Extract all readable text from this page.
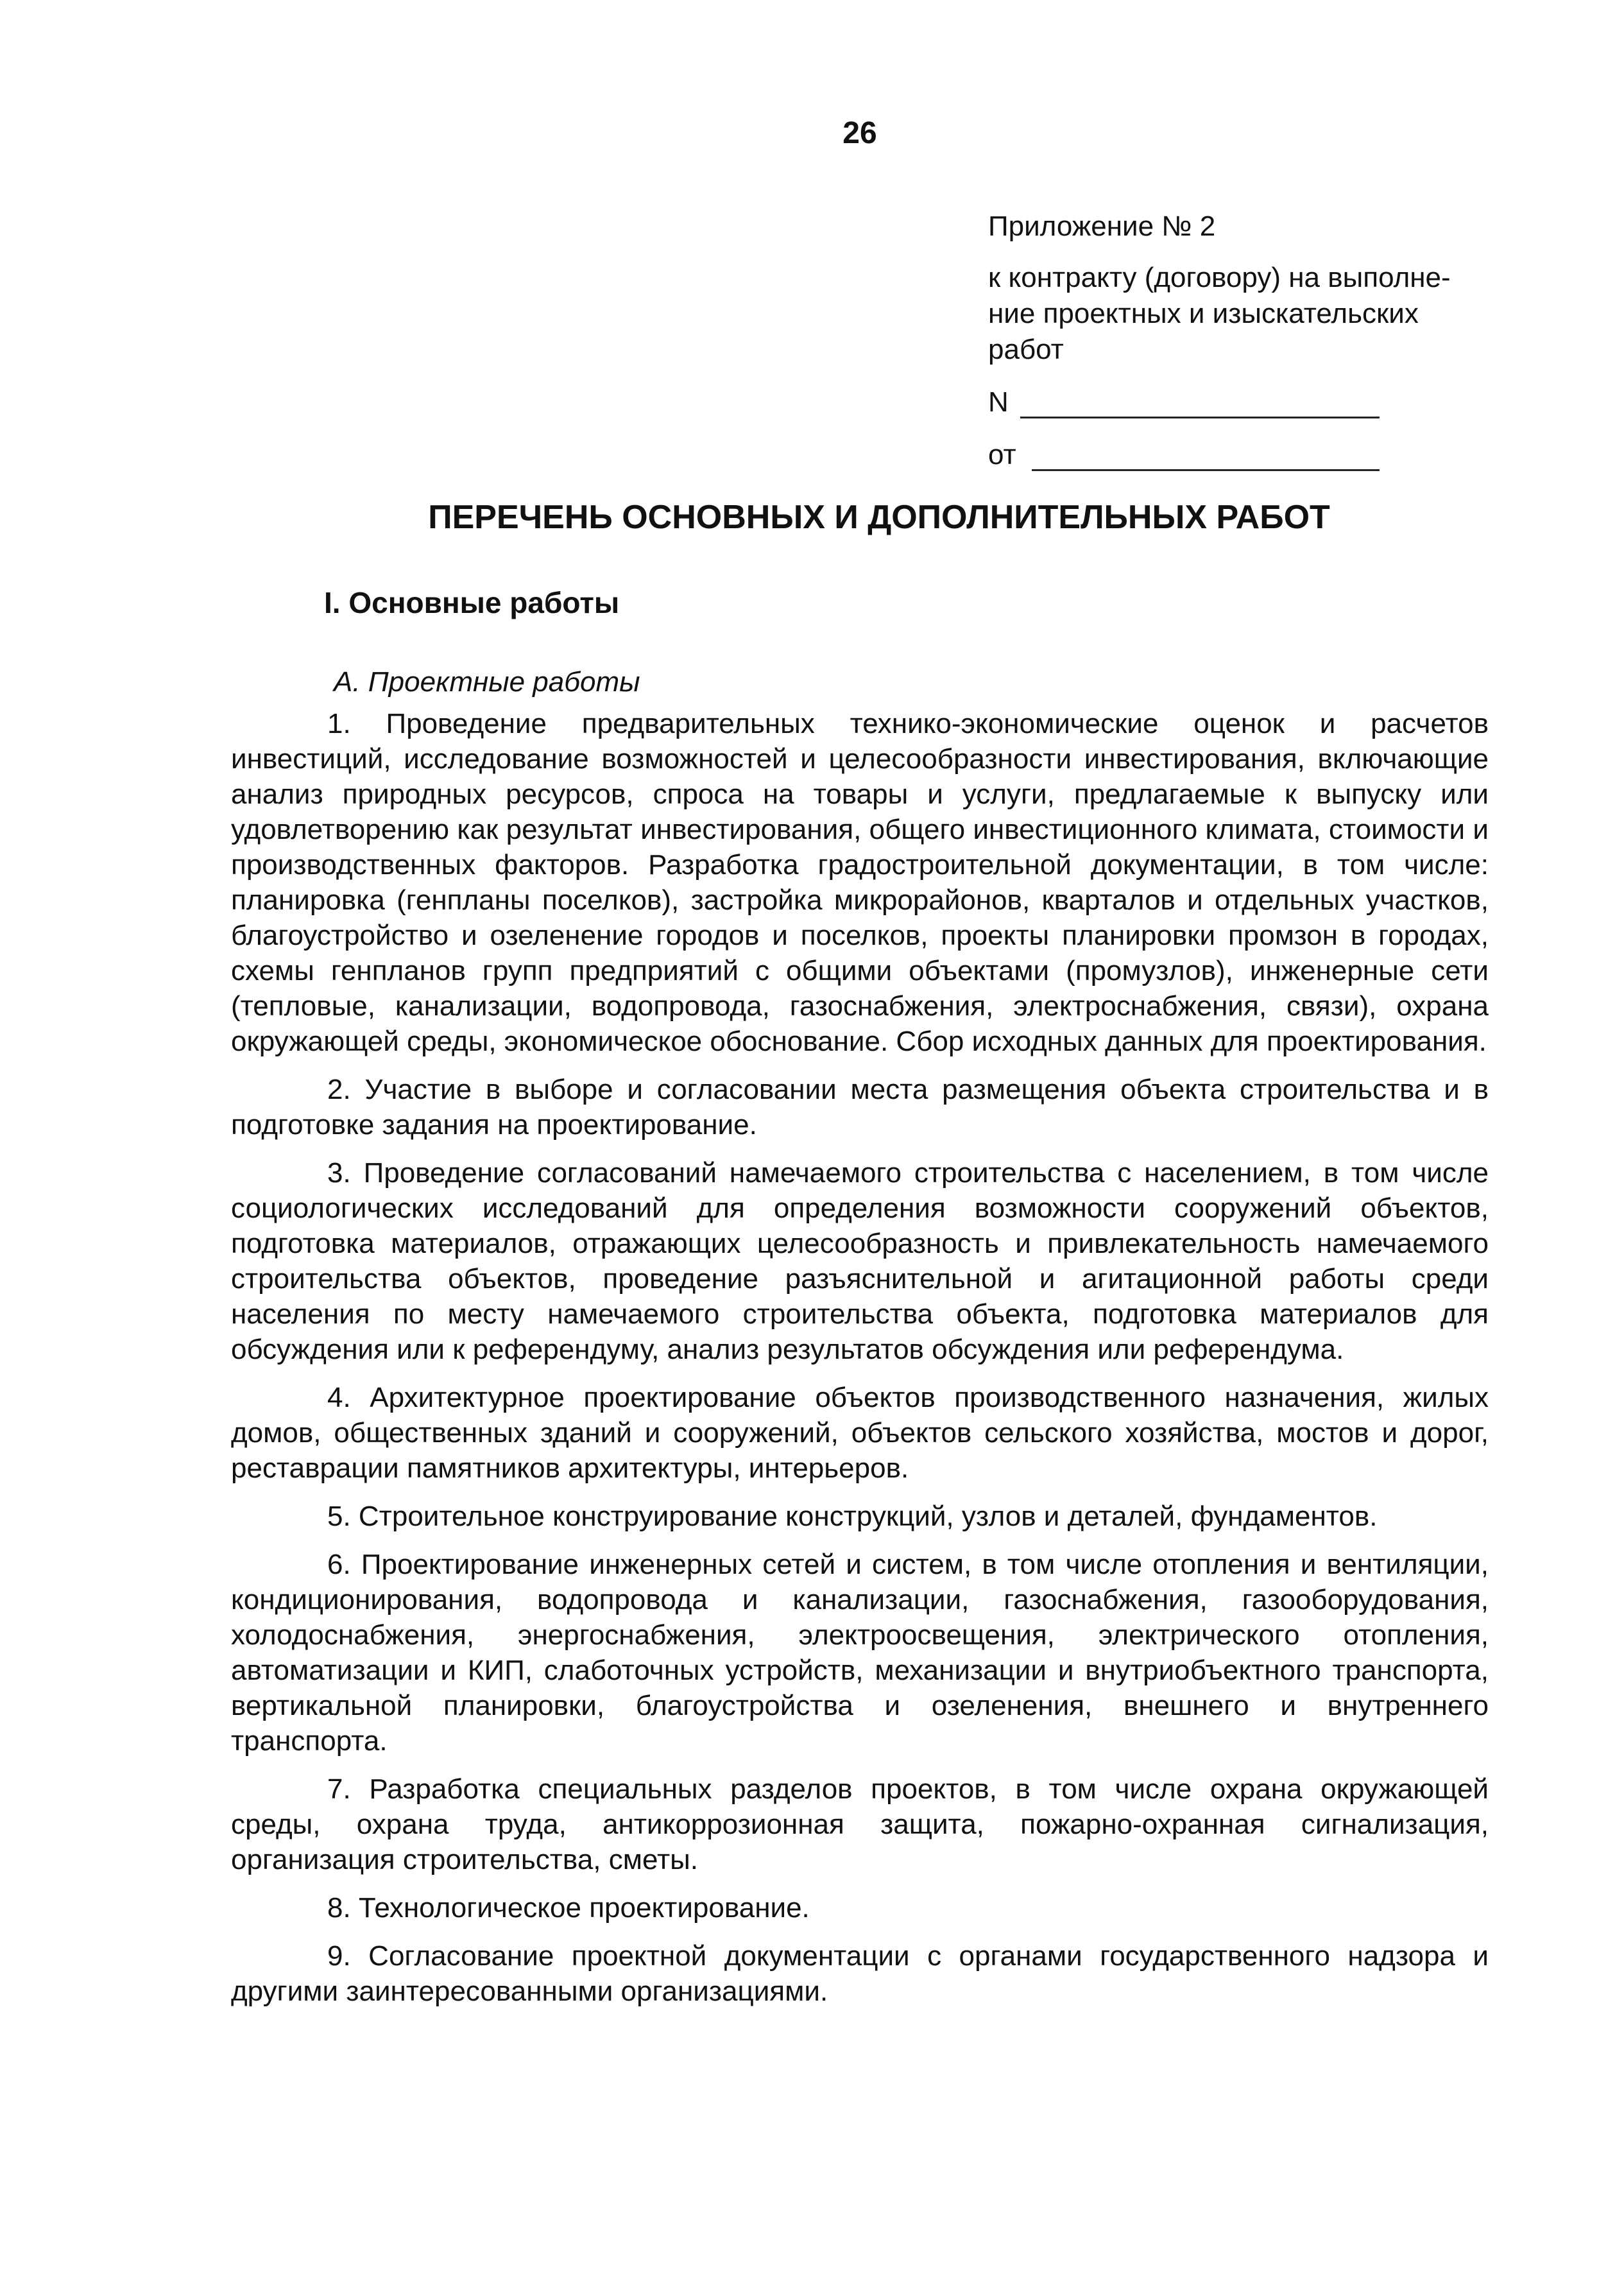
26
Приложение № 2
к контракту (договору) на выполне-
ние проектных и изыскательских
работ
N
от
ПЕРЕЧЕНЬ ОСНОВНЫХ И ДОПОЛНИТЕЛЬНЫХ РАБОТ
I. Основные работы
А. Проектные работы

1. Проведение предварительных технико-экономические оценок и расчетов инвестиций, исследование возможностей и целесообразности инвестирования, включающие анализ природных ресурсов, спроса на товары и услуги, предлагаемые к выпуску или удовлетворению как результат инвестирования, общего инвестиционного климата, стоимости и производственных факторов. Разработка градостроительной документации, в том числе: планировка (генпланы поселков), застройка микрорайонов, кварталов и отдельных участков, благоустройство и озеленение городов и поселков, проекты планировки промзон в городах, схемы генпланов групп предприятий с общими объектами (промузлов), инженерные сети (тепловые, канализации, водопровода, газоснабжения, электроснабжения, связи), охрана окружающей среды, экономическое обоснование. Сбор исходных данных для проектирования.

2. Участие в выборе и согласовании места размещения объекта строительства и в подготовке задания на проектирование.

3. Проведение согласований намечаемого строительства с населением, в том числе социологических исследований для определения возможности сооружений объектов, подготовка материалов, отражающих целесообразность и привлекательность намечаемого строительства объектов, проведение разъяснительной и агитационной работы среди населения по месту намечаемого строительства объекта, подготовка материалов для обсуждения или к референдуму, анализ результатов обсуждения или референдума.

4. Архитектурное проектирование объектов производственного назначения, жилых домов, общественных зданий и сооружений, объектов сельского хозяйства, мостов и дорог, реставрации памятников архитектуры, интерьеров.

5. Строительное конструирование конструкций, узлов и деталей, фундаментов.

6. Проектирование инженерных сетей и систем, в том числе отопления и вентиляции, кондиционирования, водопровода и канализации, газоснабжения, газооборудования, холодоснабжения, энергоснабжения, электроосвещения, электрического отопления, автоматизации и КИП, слаботочных устройств, механизации и внутриобъектного транспорта, вертикальной планировки, благоустройства и озеленения, внешнего и внутреннего транспорта.

7. Разработка специальных разделов проектов, в том числе охрана окружающей среды, охрана труда, антикоррозионная защита, пожарно-охранная сигнализация, организация строительства, сметы.

8. Технологическое проектирование.

9. Согласование проектной документации с органами государственного надзора и другими заинтересованными организациями.
